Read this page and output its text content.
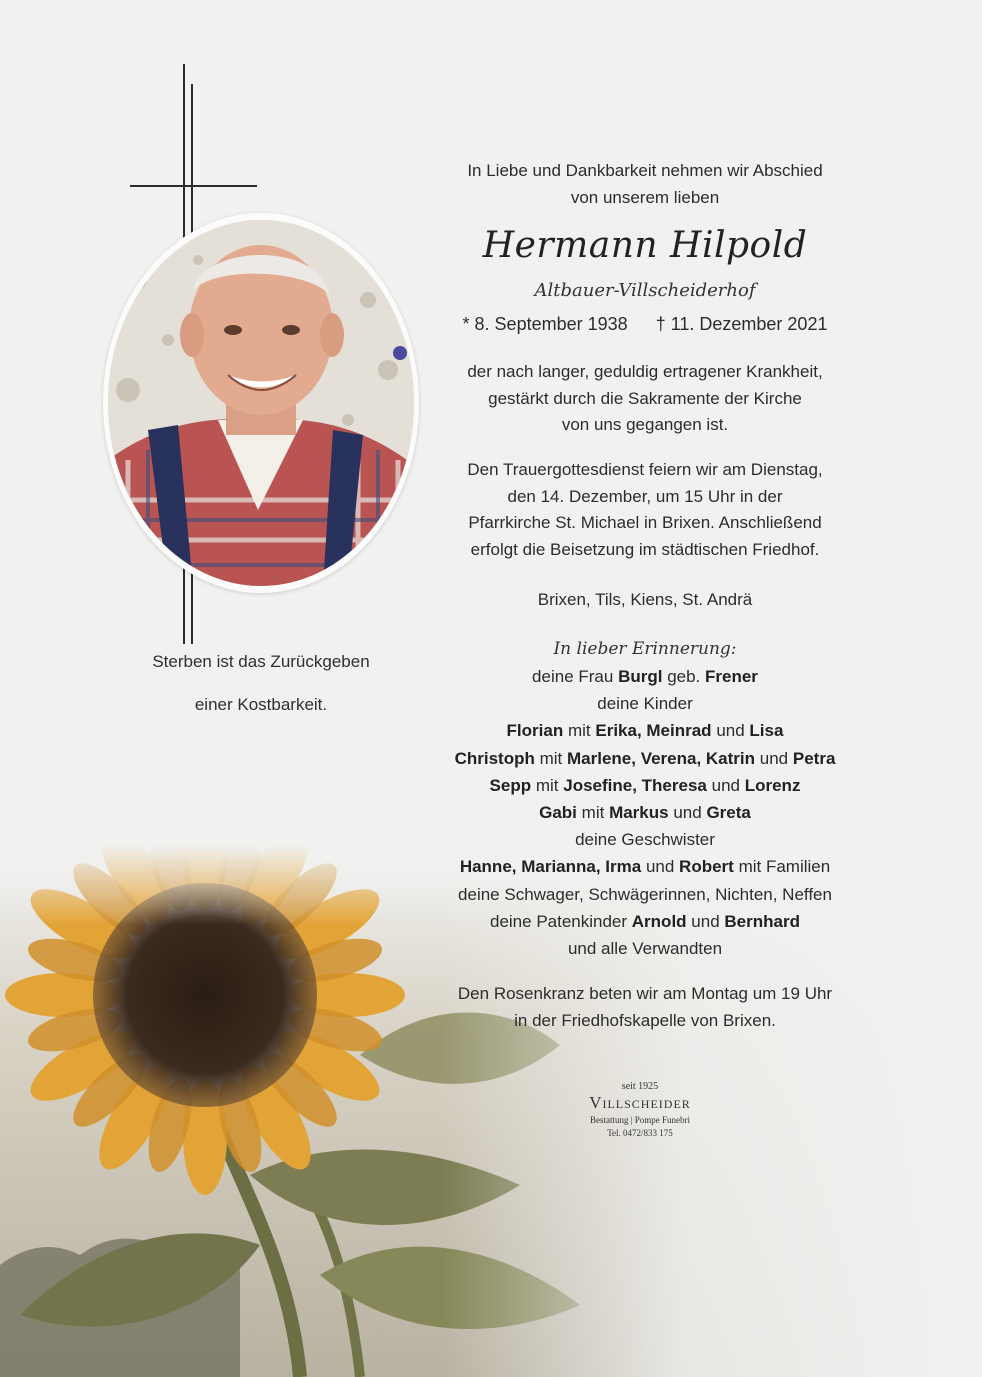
Sterben ist das Zurückgeben
einer Kostbarkeit.
In Liebe und Dankbarkeit nehmen wir Abschied
von unserem lieben
Hermann Hilpold
Altbauer-Villscheiderhof
* 8. September 1938 † 11. Dezember 2021
der nach langer, geduldig ertragener Krankheit,
gestärkt durch die Sakramente der Kirche
von uns gegangen ist.
Den Trauergottesdienst feiern wir am Dienstag,
den 14. Dezember, um 15 Uhr in der
Pfarrkirche St. Michael in Brixen. Anschließend
erfolgt die Beisetzung im städtischen Friedhof.
Brixen, Tils, Kiens, St. Andrä
In lieber Erinnerung:
deine Frau Burgl geb. Frener
deine Kinder
Florian mit Erika, Meinrad und Lisa
Christoph mit Marlene, Verena, Katrin und Petra
Sepp mit Josefine, Theresa und Lorenz
Gabi mit Markus und Greta
deine Geschwister
Hanne, Marianna, Irma und Robert mit Familien
deine Schwager, Schwägerinnen, Nichten, Neffen
deine Patenkinder Arnold und Bernhard
und alle Verwandten
Den Rosenkranz beten wir am Montag um 19 Uhr
in der Friedhofskapelle von Brixen.
seit 1925
Villscheider
Bestattung | Pompe Funebri
Tel. 0472/833 175
